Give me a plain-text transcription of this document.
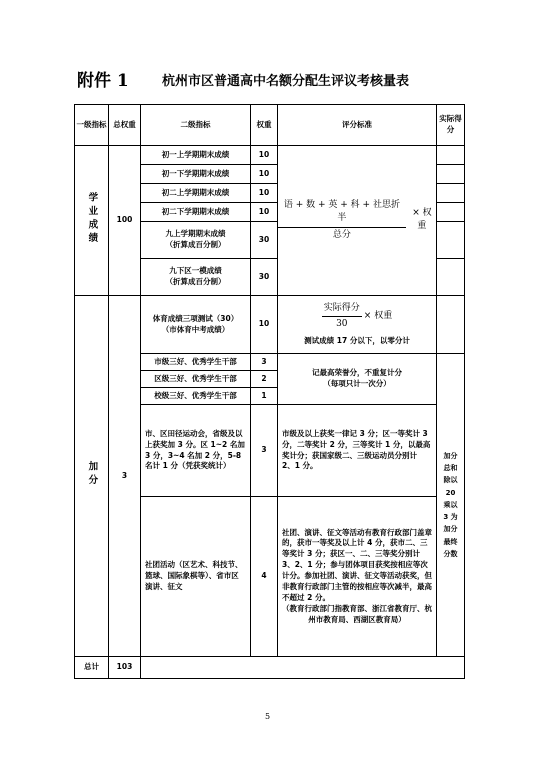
附件 1	杭州市区普通高中名额分配生评议考核量表
一级指标	总权重	二级指标	权重	评分标准	实际得分
学业成绩	100	初一上学期期末成绩	10	$\frac{\text{语 + 数 + 英 + 科 + 社思折半}}{\text{总分}}$ × 权重	

		初一下学期期末成绩	10		
		初二上学期期末成绩	10		
		初二下学期期末成绩	10		

		九上学期期末成绩
（折算成百分制）	30		

		九下区一模成绩
（折算成百分制）	30		
加分	3	体育成绩三项测试（30）
（市体育中考成绩）	10	$\frac{\text{实际得分}}{30}$ × 权重
测试成绩 17 分以下，以零分计	

		市级三好、优秀学生干部	3	记最高荣誉分，不重复计分
（每项只计一次分）	加分总和除以 20 乘以 3 为加分最终分数
		区级三好、优秀学生干部	2		
		校级三好、优秀学生干部	1		
		市、区田径运动会，省级及以上获奖加 3 分。区 1~2 名加 3 分，3~4 名加 2 分，5-8 名计 1 分（凭获奖统计）	3	市级及以上获奖一律记 3 分；区一等奖计 3 分，二等奖计 2 分，三等奖计 1 分，以最高奖计分；获国家级二、三级运动员分别计 2、1 分。	
		社团活动（区艺术、科技节、篮球、国际象棋等）、省市区演讲、征文	4	社团、演讲、征文等活动有教育行政部门盖章的，获市一等奖及以上计 4 分，获市二、三等奖计 3 分；获区一、二、三等奖分别计 3、2、1 分；参与团体项目获奖按相应等次计分。参加社团、演讲、征文等活动获奖，但非教育行政部门主管的按相应等次减半，最高不超过 2 分。
（教育行政部门指教育部、浙江省教育厅、杭州市教育局、西湖区教育局）	

总计	103				
5
